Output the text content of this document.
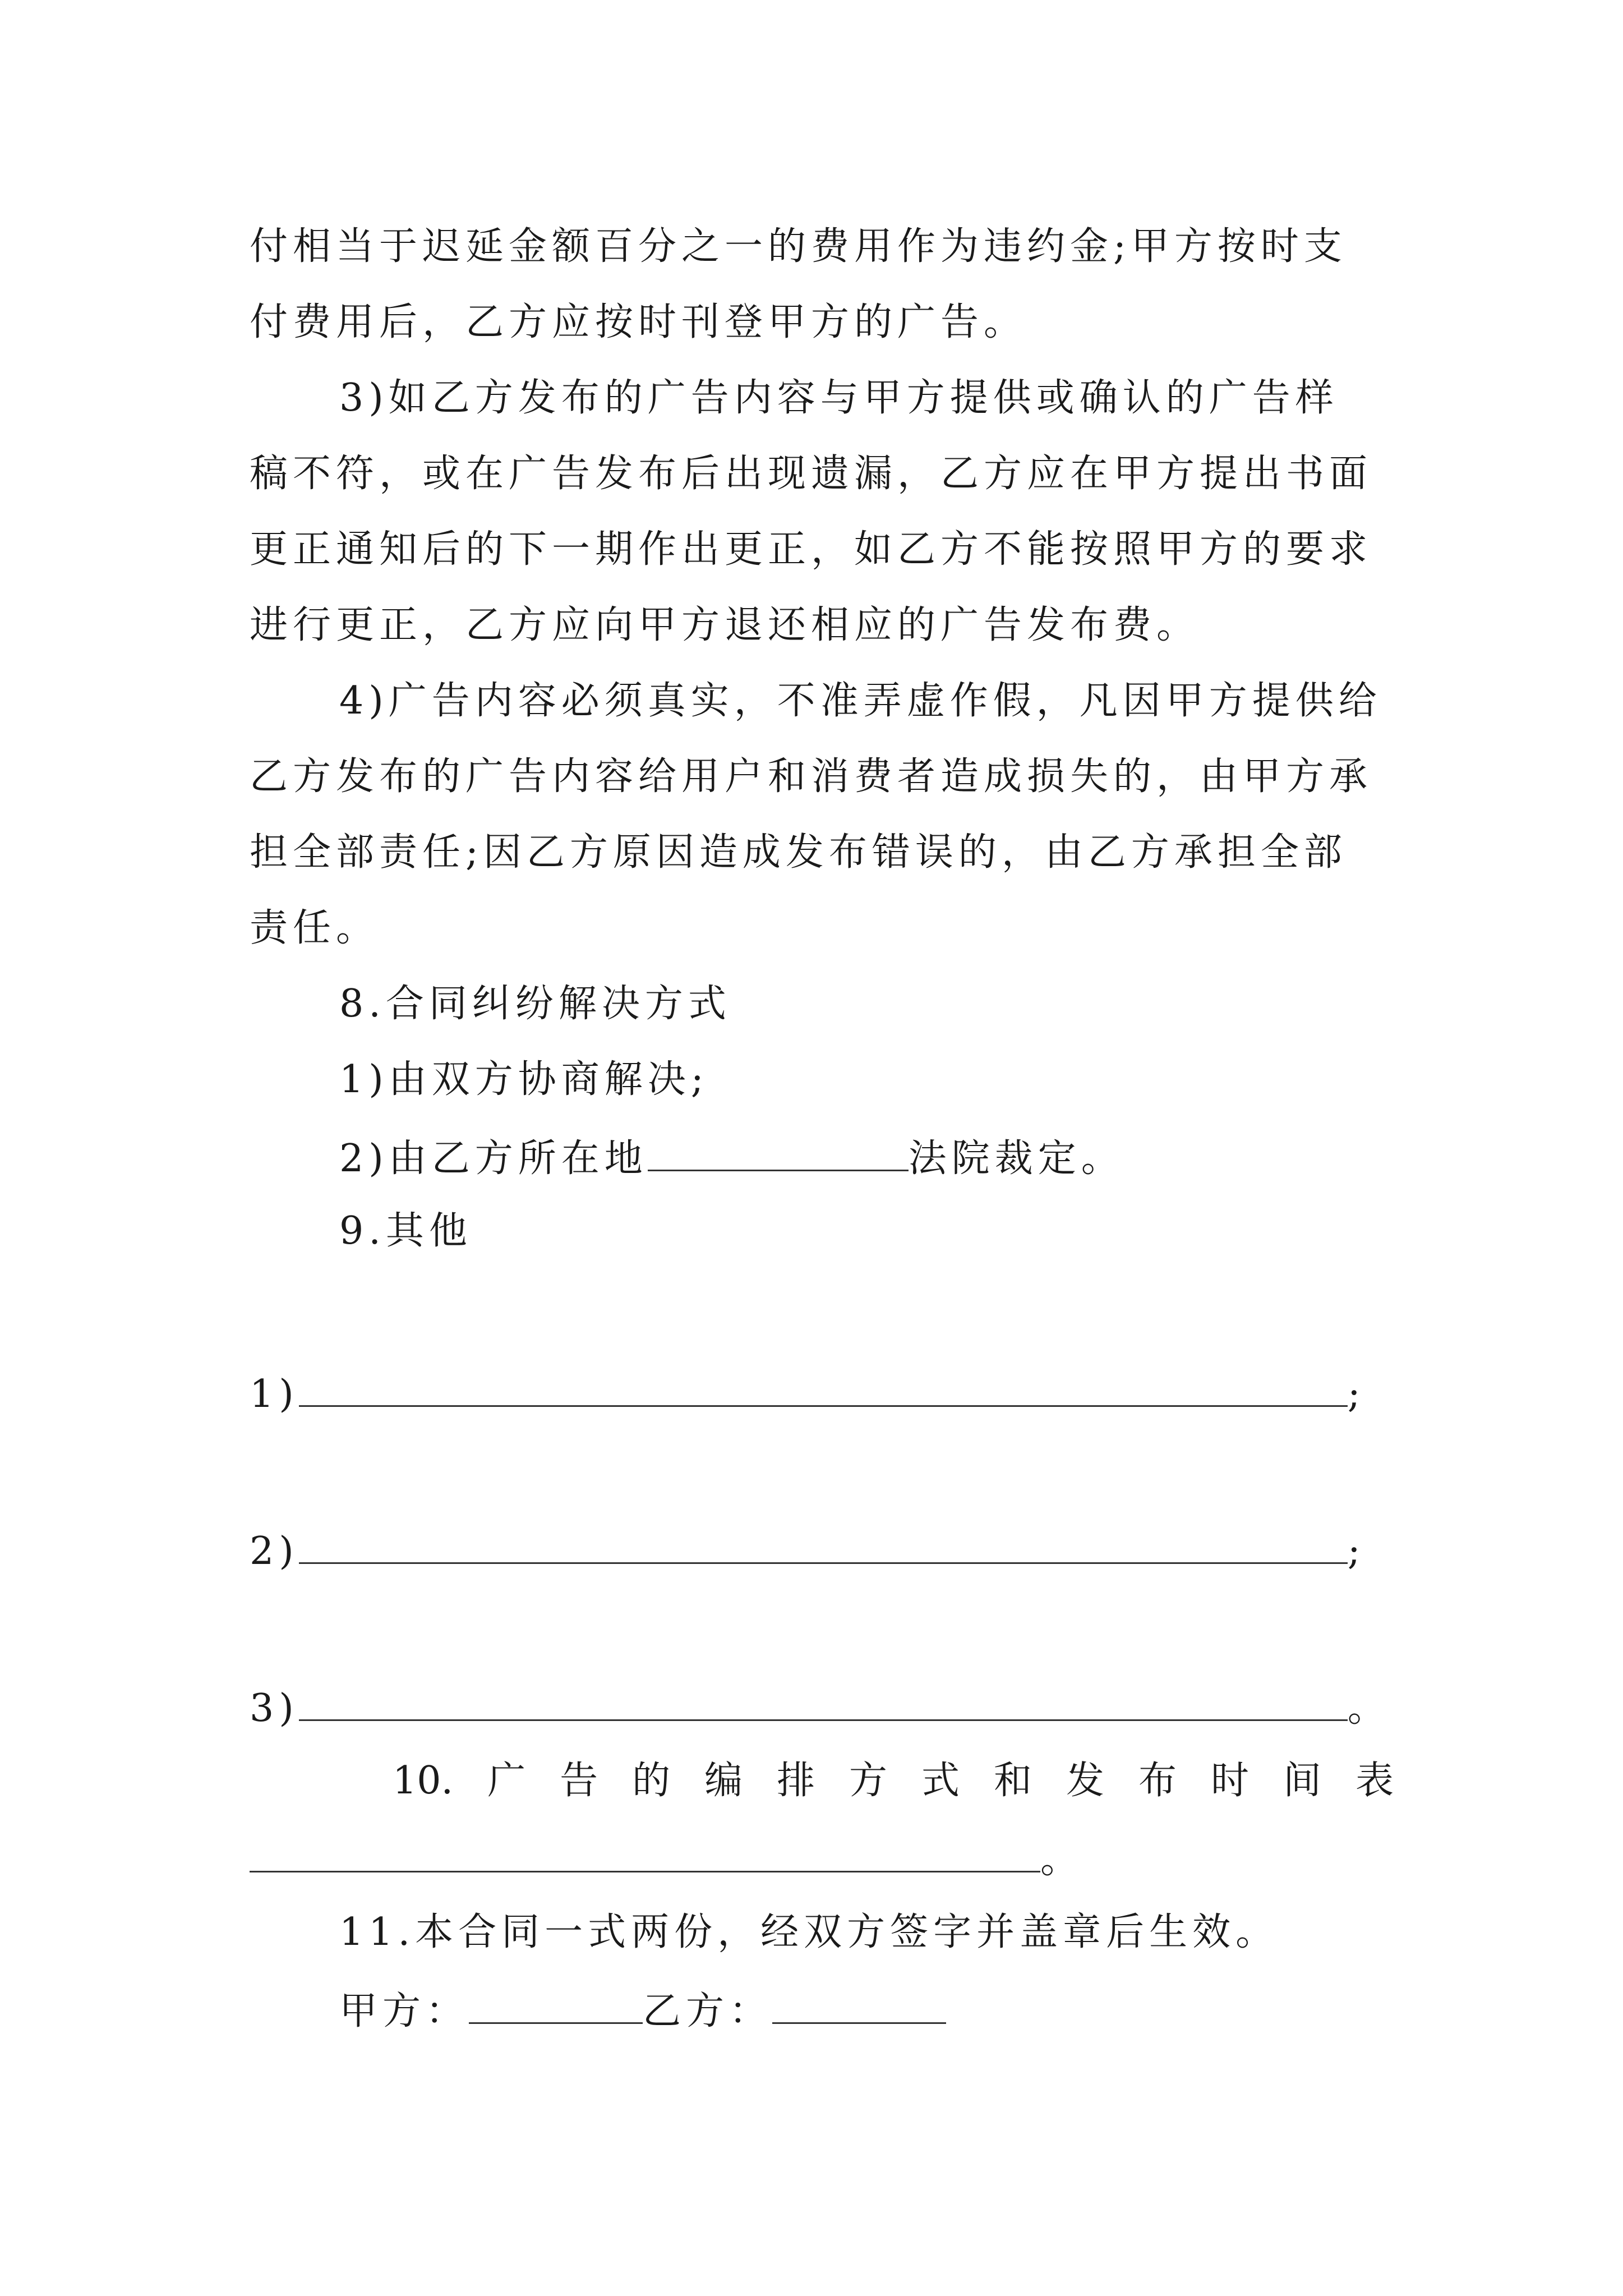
付相当于迟延金额百分之一的费用作为违约金;甲方按时支
付费用后，乙方应按时刊登甲方的广告。
3)如乙方发布的广告内容与甲方提供或确认的广告样
稿不符，或在广告发布后出现遗漏，乙方应在甲方提出书面
更正通知后的下一期作出更正，如乙方不能按照甲方的要求
进行更正，乙方应向甲方退还相应的广告发布费。
4)广告内容必须真实，不准弄虚作假，凡因甲方提供给
乙方发布的广告内容给用户和消费者造成损失的，由甲方承
担全部责任;因乙方原因造成发布错误的，由乙方承担全部
责任。
8.合同纠纷解决方式
1)由双方协商解决;
2)由乙方所在地	法院裁定。
9.其他
1)	;
2)	;
3)	。
10. 广 告 的 编 排 方 式 和 发 布 时 间 表
。
11.本合同一式两份，经双方签字并盖章后生效。
甲方：	乙方：
